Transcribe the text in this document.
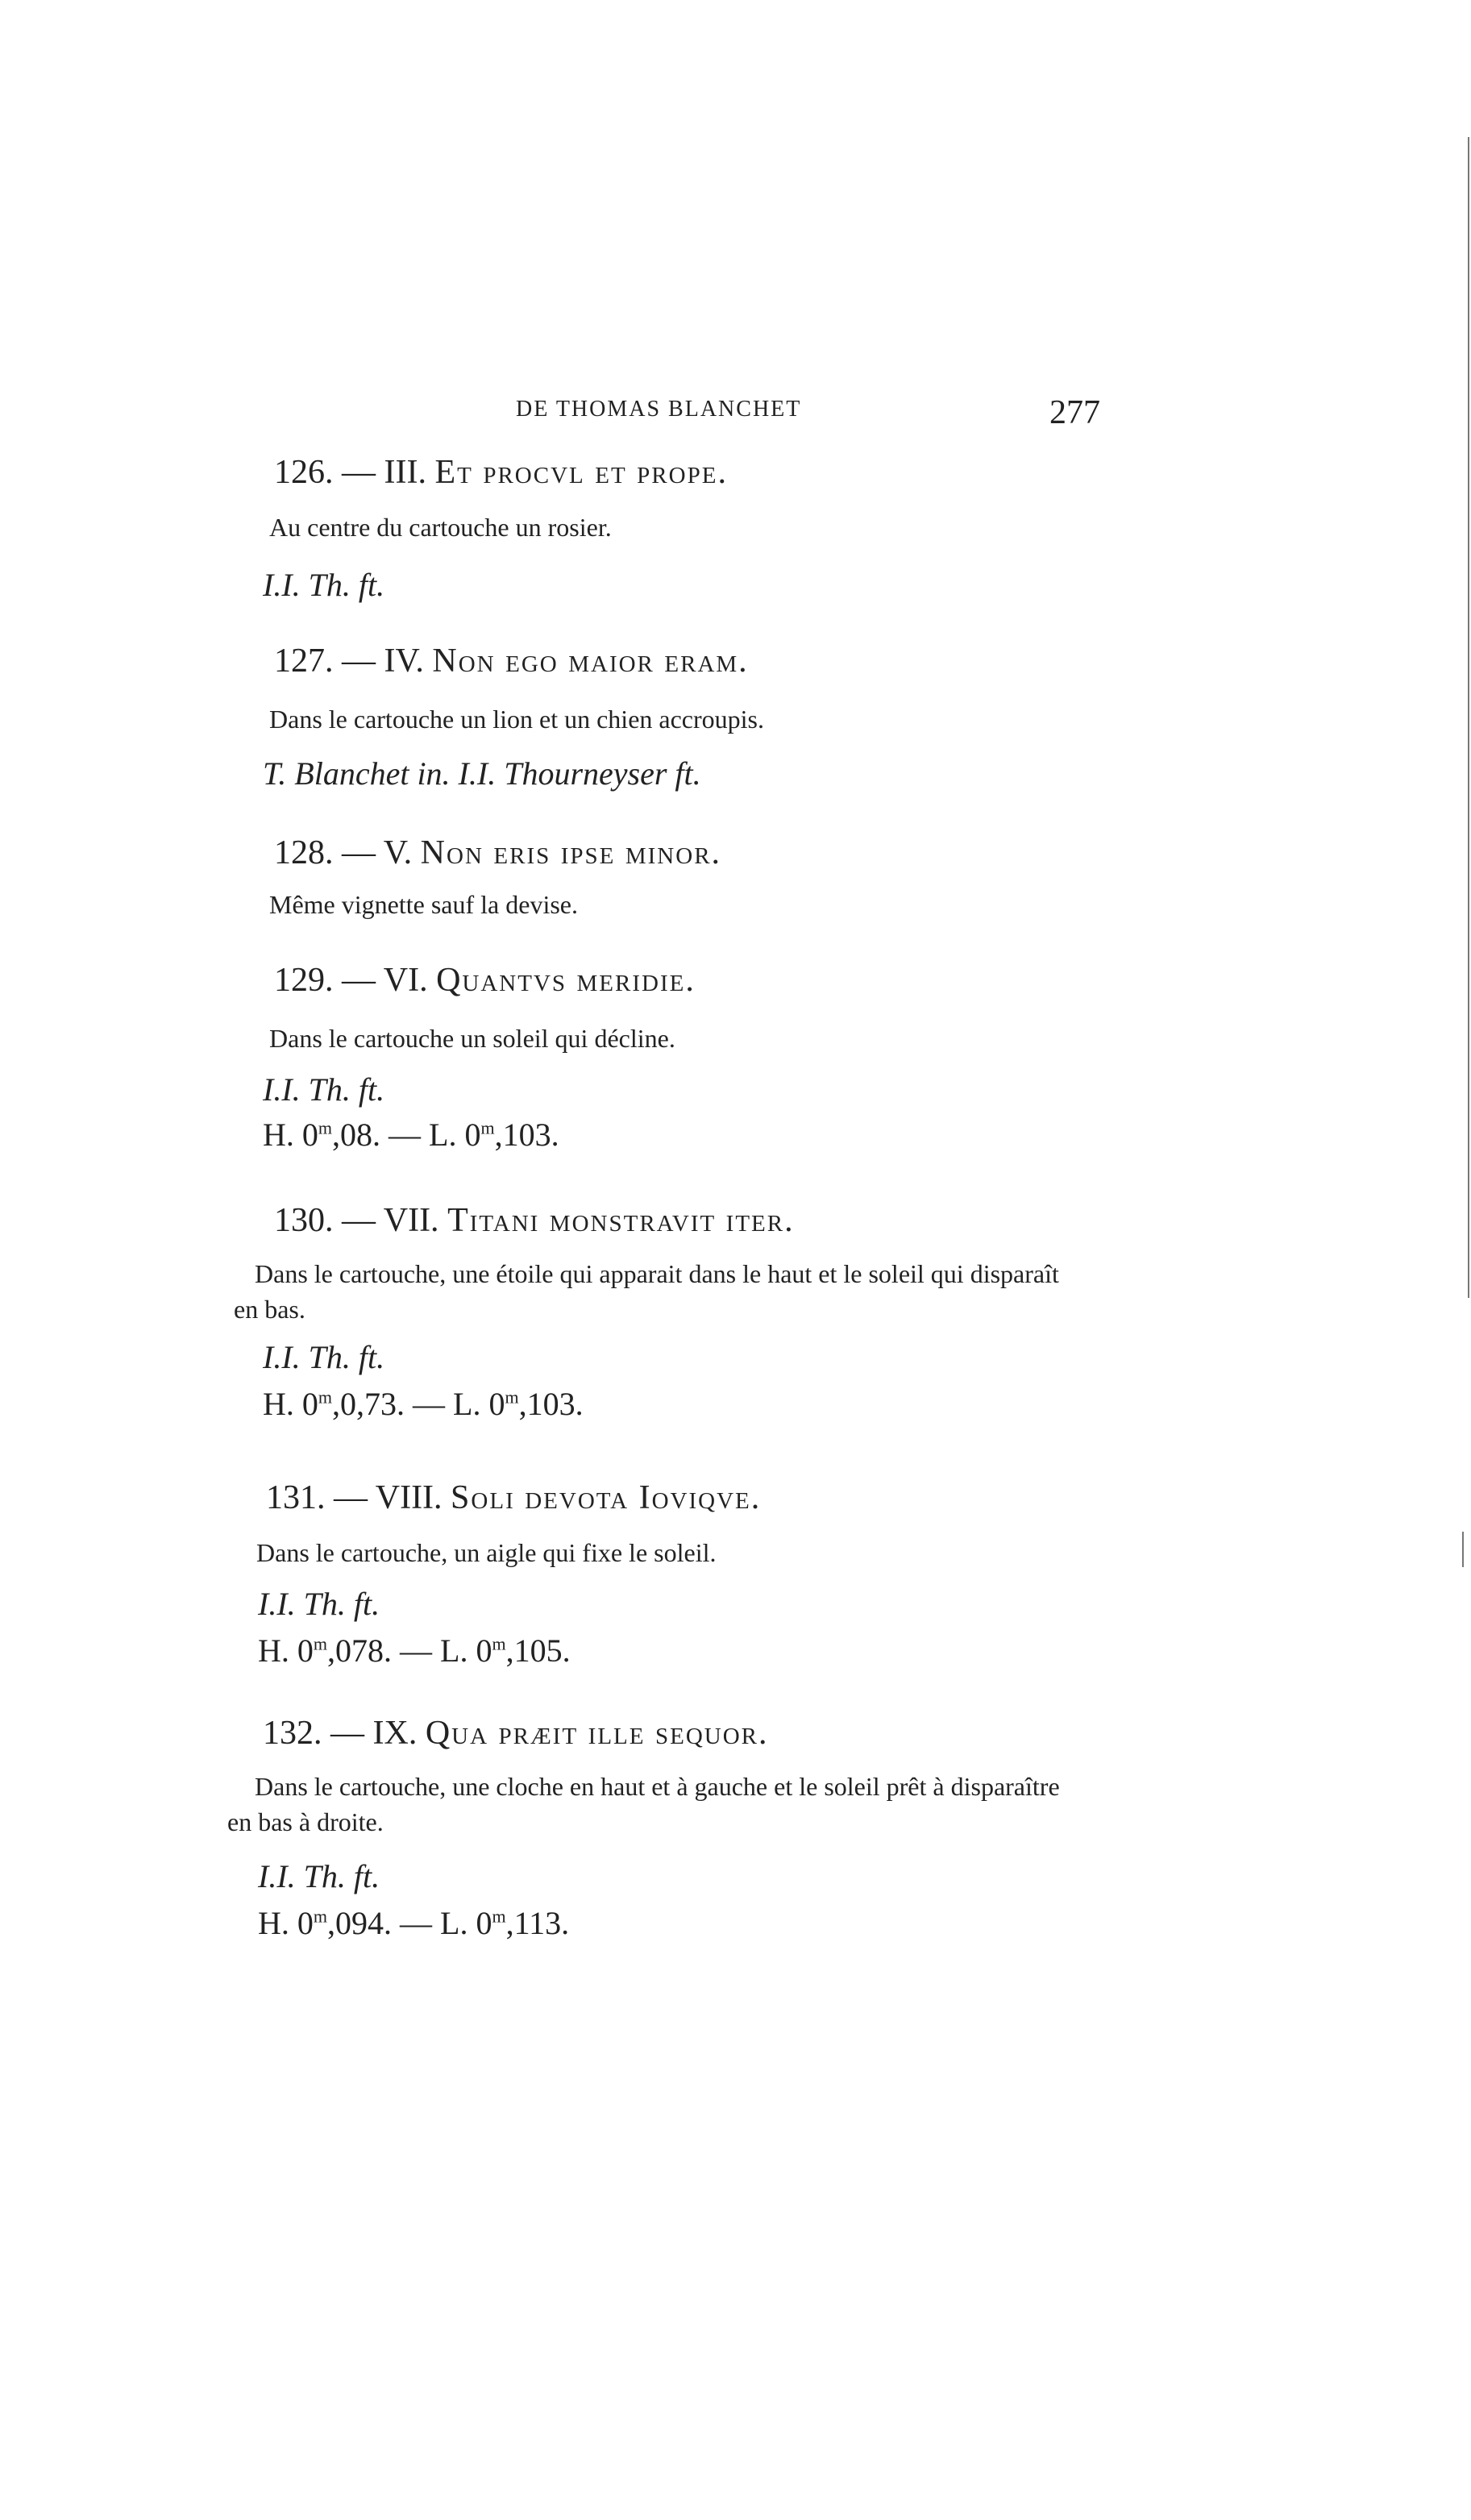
DE THOMAS BLANCHET	277
126. — III. Et procvl et prope.
Au centre du cartouche un rosier.
I.I. Th. ft.
127. — IV. Non ego maior eram.
Dans le cartouche un lion et un chien accroupis.
T. Blanchet in. I.I. Thourneyser ft.
128. — V. Non eris ipse minor.
Même vignette sauf la devise.
129. — VI. Quantvs meridie.
Dans le cartouche un soleil qui décline.
I.I. Th. ft.
H. 0$^m$,08. — L. 0$^m$,103.
130. — VII. Titani monstravit iter.
Dans le cartouche, une étoile qui apparait dans le haut et le soleil qui disparaît en bas.
I.I. Th. ft.
H. 0$^m$,0,73. — L. 0$^m$,103.
131. — VIII. Soli devota Ioviqve.
Dans le cartouche, un aigle qui fixe le soleil.
I.I. Th. ft.
H. 0$^m$,078. — L. 0$^m$,105.
132. — IX. Qua præit ille sequor.
Dans le cartouche, une cloche en haut et à gauche et le soleil prêt à disparaître en bas à droite.
I.I. Th. ft.
H. 0$^m$,094. — L. 0$^m$,113.
